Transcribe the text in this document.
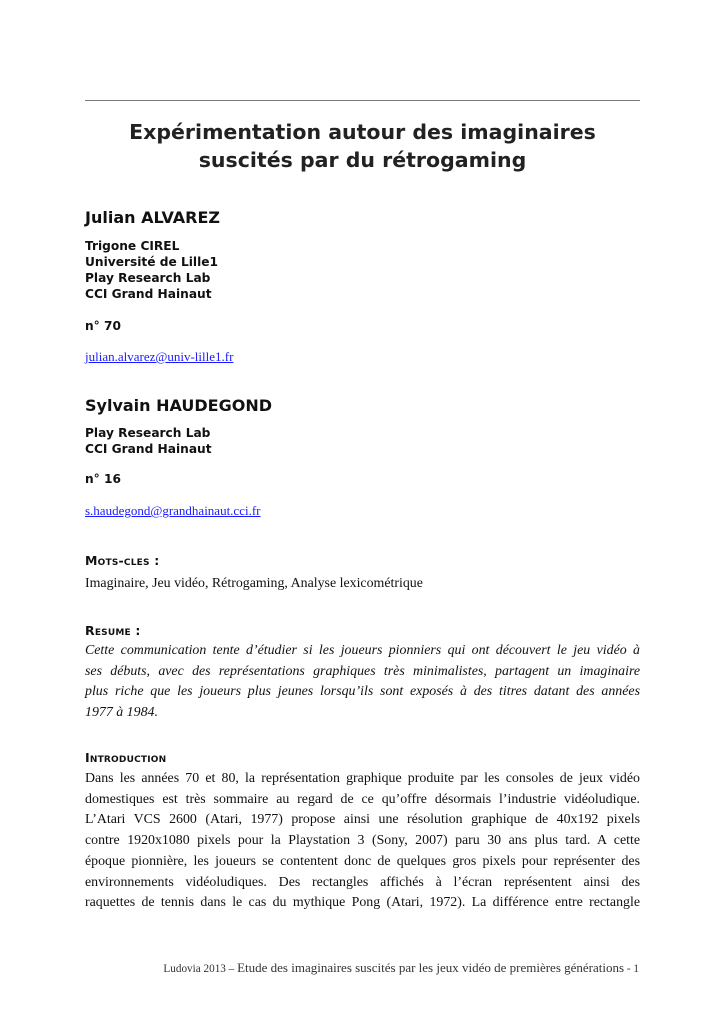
Expérimentation autour des imaginaires
suscités par du rétrogaming
Julian ALVAREZ
Trigone CIREL
Université de Lille1
Play Research Lab
CCI Grand Hainaut
n° 70
julian.alvarez@univ-lille1.fr
Sylvain HAUDEGOND
Play Research Lab
CCI Grand Hainaut
n° 16
s.haudegond@grandhainaut.cci.fr
Mots-cles :
Imaginaire, Jeu vidéo, Rétrogaming, Analyse lexicométrique
Resume :
Cette communication tente d’étudier si les joueurs pionniers qui ont découvert le jeu vidéo à
ses débuts, avec des représentations graphiques très minimalistes, partagent un imaginaire
plus riche que les joueurs plus jeunes lorsqu’ils sont exposés à des titres datant des années
1977 à 1984.
Introduction
Dans les années 70 et 80, la représentation graphique produite par les consoles de jeux vidéo
domestiques est très sommaire au regard de ce qu’offre désormais l’industrie vidéoludique.
L’Atari VCS 2600 (Atari, 1977) propose ainsi une résolution graphique de 40x192 pixels
contre 1920x1080 pixels pour la Playstation 3 (Sony, 2007) paru 30 ans plus tard. A cette
époque pionnière, les joueurs se contentent donc de quelques gros pixels pour représenter des
environnements vidéoludiques. Des rectangles affichés à l’écran représentent ainsi des
raquettes de tennis dans le cas du mythique Pong (Atari, 1972). La différence entre rectangle
Ludovia 2013 – Etude des imaginaires suscités par les jeux vidéo de premières générations - 1
